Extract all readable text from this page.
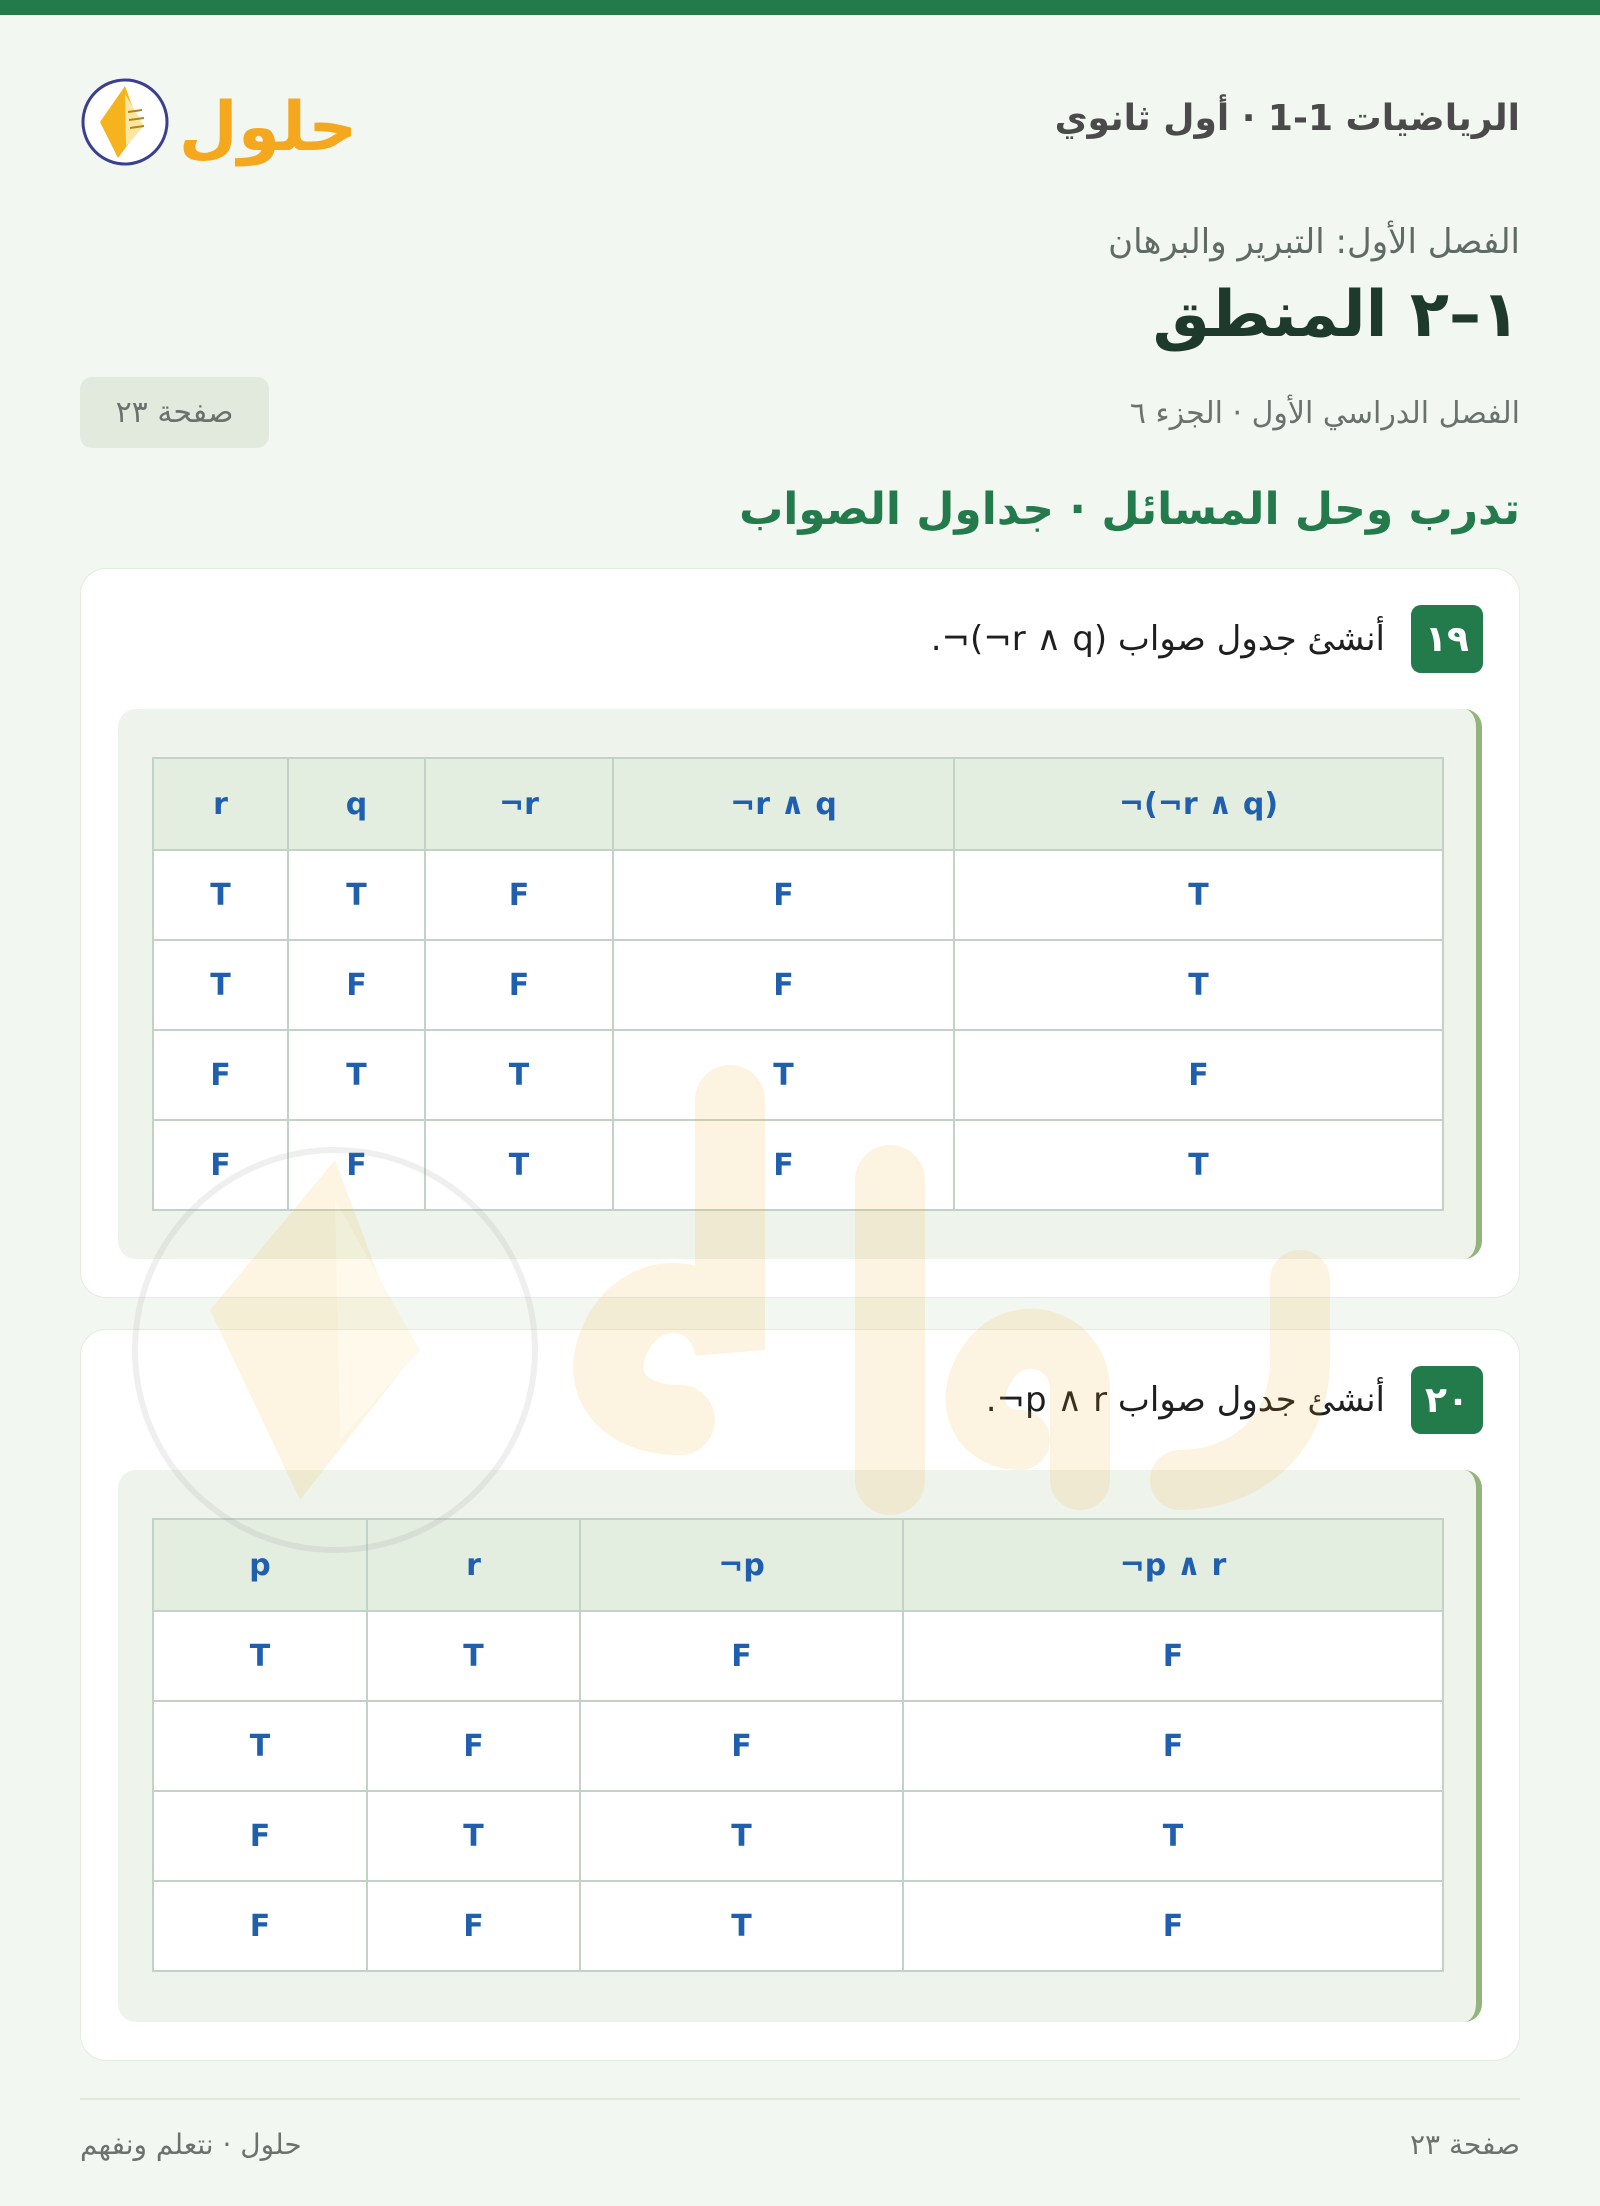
حلول	الرياضيات 1-1 · أول ثانوي
الفصل الأول: التبرير والبرهان
١–٢ المنطق
الفصل الدراسي الأول · الجزء ٦
صفحة ٢٣
تدرب وحل المسائل · جداول الصواب
١٩
أنشئ جدول صواب ¬(¬r ∧ q).
r	q	¬r	¬r ∧ q	¬(¬r ∧ q)
T	T	F	F	T
T	F	F	F	T
F	T	T	T	F
F	F	T	F	T
٢٠
أنشئ جدول صواب ¬p ∧ r.
p	r	¬p	¬p ∧ r
T	T	F	F
T	F	F	F
F	T	T	T
F	F	T	F
حلول · نتعلم ونفهم	صفحة ٢٣
